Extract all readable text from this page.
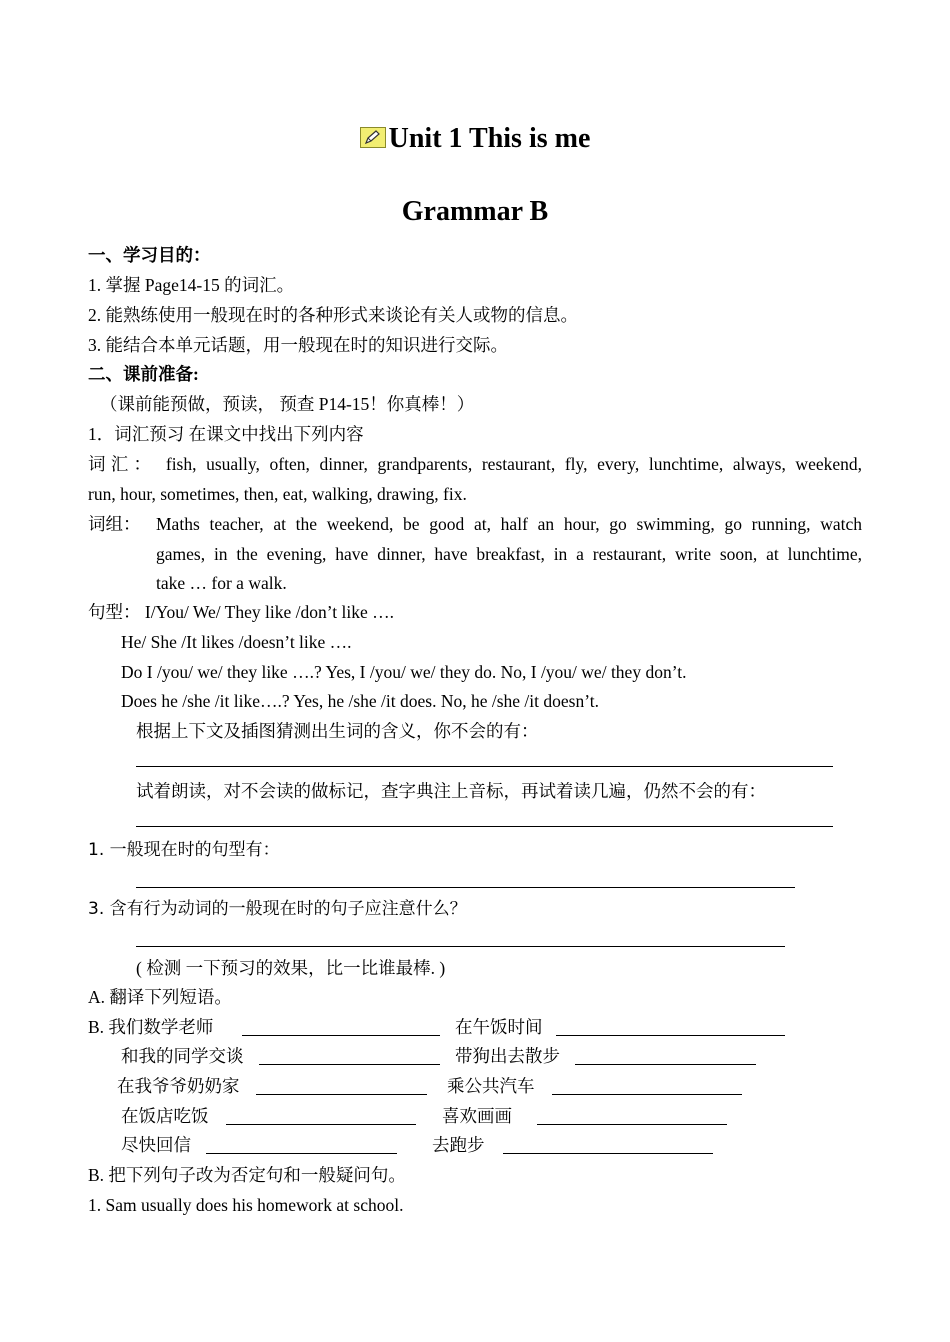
Unit 1 This is me
Grammar B
一、学习目的：
1. 掌握 Page14-15 的词汇。
2. 能熟练使用一般现在时的各种形式来谈论有关人或物的信息。
3. 能结合本单元话题，用一般现在时的知识进行交际。
二、课前准备:
（课前能预做，预读， 预查 P14-15！你真棒！）
1．词汇预习 在课文中找出下列内容
词汇： fish, usually, often, dinner, grandparents, restaurant, fly, every, lunchtime, always, weekend,
run, hour, sometimes, then, eat, walking, drawing, fix.
词组： Maths teacher, at the weekend, be good at, half an hour, go swimming, go running, watch
games, in the evening, have dinner, have breakfast, in a restaurant, write soon, at lunchtime,
take … for a walk.
句型： I/You/ We/ They like /don’t like ….
He/ She /It likes /doesn’t like ….
Do I /you/ we/ they like ….? Yes, I /you/ we/ they do. No, I /you/ we/ they don’t.
Does he /she /it like….? Yes, he /she /it does. No, he /she /it doesn’t.
根据上下文及插图猜测出生词的含义，你不会的有：
试着朗读，对不会读的做标记，查字典注上音标，再试着读几遍，仍然不会的有：
1. 一般现在时的句型有：
3. 含有行为动词的一般现在时的句子应注意什么？
( 检测 一下预习的效果，比一比谁最棒. )
A. 翻译下列短语。
B. 我们数学老师	在午饭时间
和我的同学交谈	带狗出去散步
在我爷爷奶奶家	乘公共汽车
在饭店吃饭	喜欢画画
尽快回信	去跑步
B. 把下列句子改为否定句和一般疑问句。
1. Sam usually does his homework at school.
